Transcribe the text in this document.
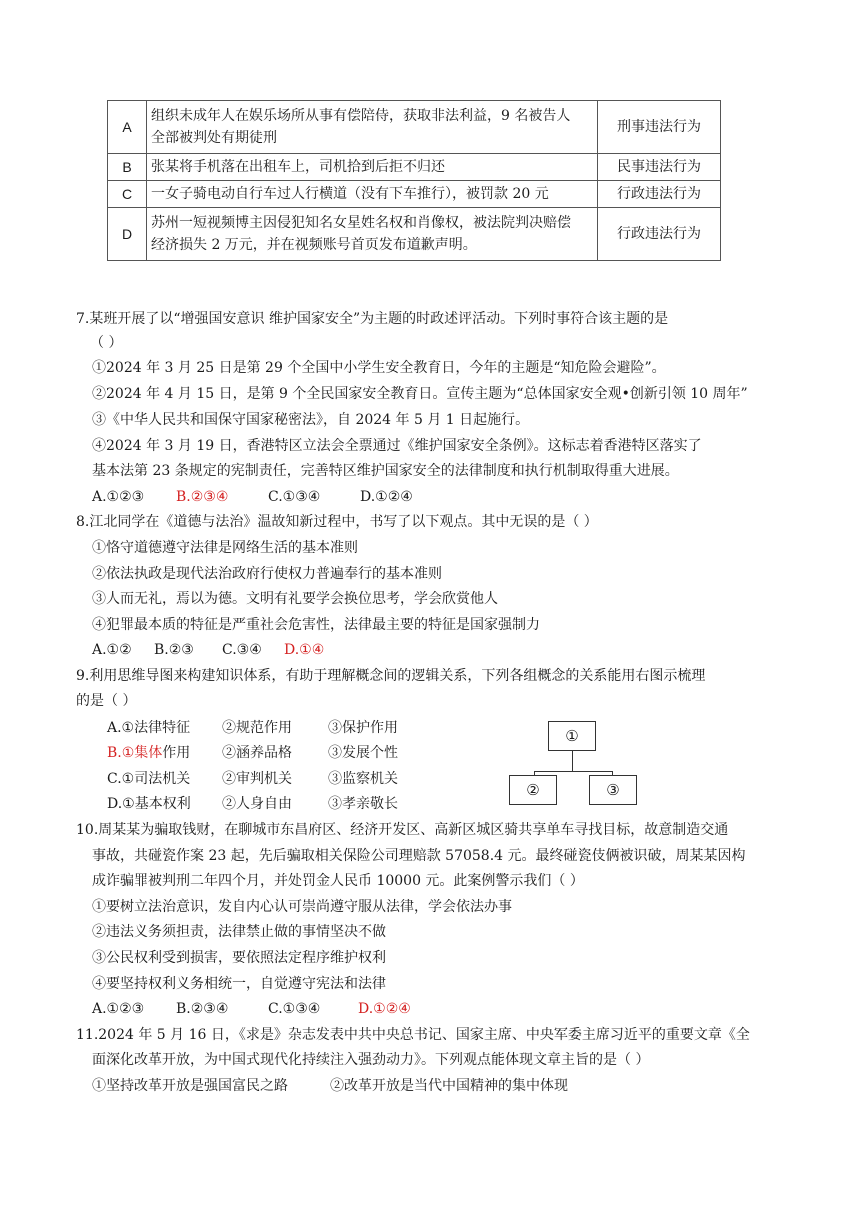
A	组织未成年人在娱乐场所从事有偿陪侍，获取非法利益，9 名被告人
全部被判处有期徒刑	刑事违法行为
B	张某将手机落在出租车上，司机拾到后拒不归还	民事违法行为
C	一女子骑电动自行车过人行横道（没有下车推行），被罚款 20 元	行政违法行为
D	苏州一短视频博主因侵犯知名女星姓名权和肖像权，被法院判决赔偿
经济损失 2 万元，并在视频账号首页发布道歉声明。	行政违法行为
7.某班开展了以“增强国安意识 维护国家安全”为主题的时政述评活动。下列时事符合该主题的是
（ ）
①2024 年 3 月 25 日是第 29 个全国中小学生安全教育日，今年的主题是“知危险会避险”。
②2024 年 4 月 15 日，是第 9 个全民国家安全教育日。宣传主题为“总体国家安全观•创新引领 10 周年”
③《中华人民共和国保守国家秘密法》，自 2024 年 5 月 1 日起施行。
④2024 年 3 月 19 日，香港特区立法会全票通过《维护国家安全条例》。这标志着香港特区落实了
基本法第 23 条规定的宪制责任，完善特区维护国家安全的法律制度和执行机制取得重大进展。
A.①②③ B.②③④	C.①③④	D.①②④
8.江北同学在《道德与法治》温故知新过程中，书写了以下观点。其中无误的是（ ）
①恪守道德遵守法律是网络生活的基本准则
②依法执政是现代法治政府行使权力普遍奉行的基本准则
③人而无礼，焉以为德。文明有礼要学会换位思考，学会欣赏他人
④犯罪最本质的特征是严重社会危害性，法律最主要的特征是国家强制力
A.①② B.②③ C.③④ D.①④
9.利用思维导图来构建知识体系，有助于理解概念间的逻辑关系，下列各组概念的关系能用右图示梳理
的是（ ）
A.①法律特征 ②规范作用	③保护作用
B.①集体作用 ②涵养品格	③发展个性
C.①司法机关 ②审判机关	③监察机关
D.①基本权利 ②人身自由	③孝亲敬长
①
②	③
10.周某某为骗取钱财，在聊城市东昌府区、经济开发区、高新区城区骑共享单车寻找目标，故意制造交通
事故，共碰瓷作案 23 起，先后骗取相关保险公司理赔款 57058.4 元。最终碰瓷伎俩被识破，周某某因构
成诈骗罪被判刑二年四个月，并处罚金人民币 10000 元。此案例警示我们（ ）
①要树立法治意识，发自内心认可崇尚遵守服从法律，学会依法办事
②违法义务须担责，法律禁止做的事情坚决不做
③公民权利受到损害，要依照法定程序维护权利
④要坚持权利义务相统一，自觉遵守宪法和法律
A.①②③ B.②③④	C.①③④	D.①②④
11.2024 年 5 月 16 日，《求是》杂志发表中共中央总书记、国家主席、中央军委主席习近平的重要文章《全
面深化改革开放，为中国式现代化持续注入强劲动力》。下列观点能体现文章主旨的是（ ）
①坚持改革开放是强国富民之路	②改革开放是当代中国精神的集中体现
